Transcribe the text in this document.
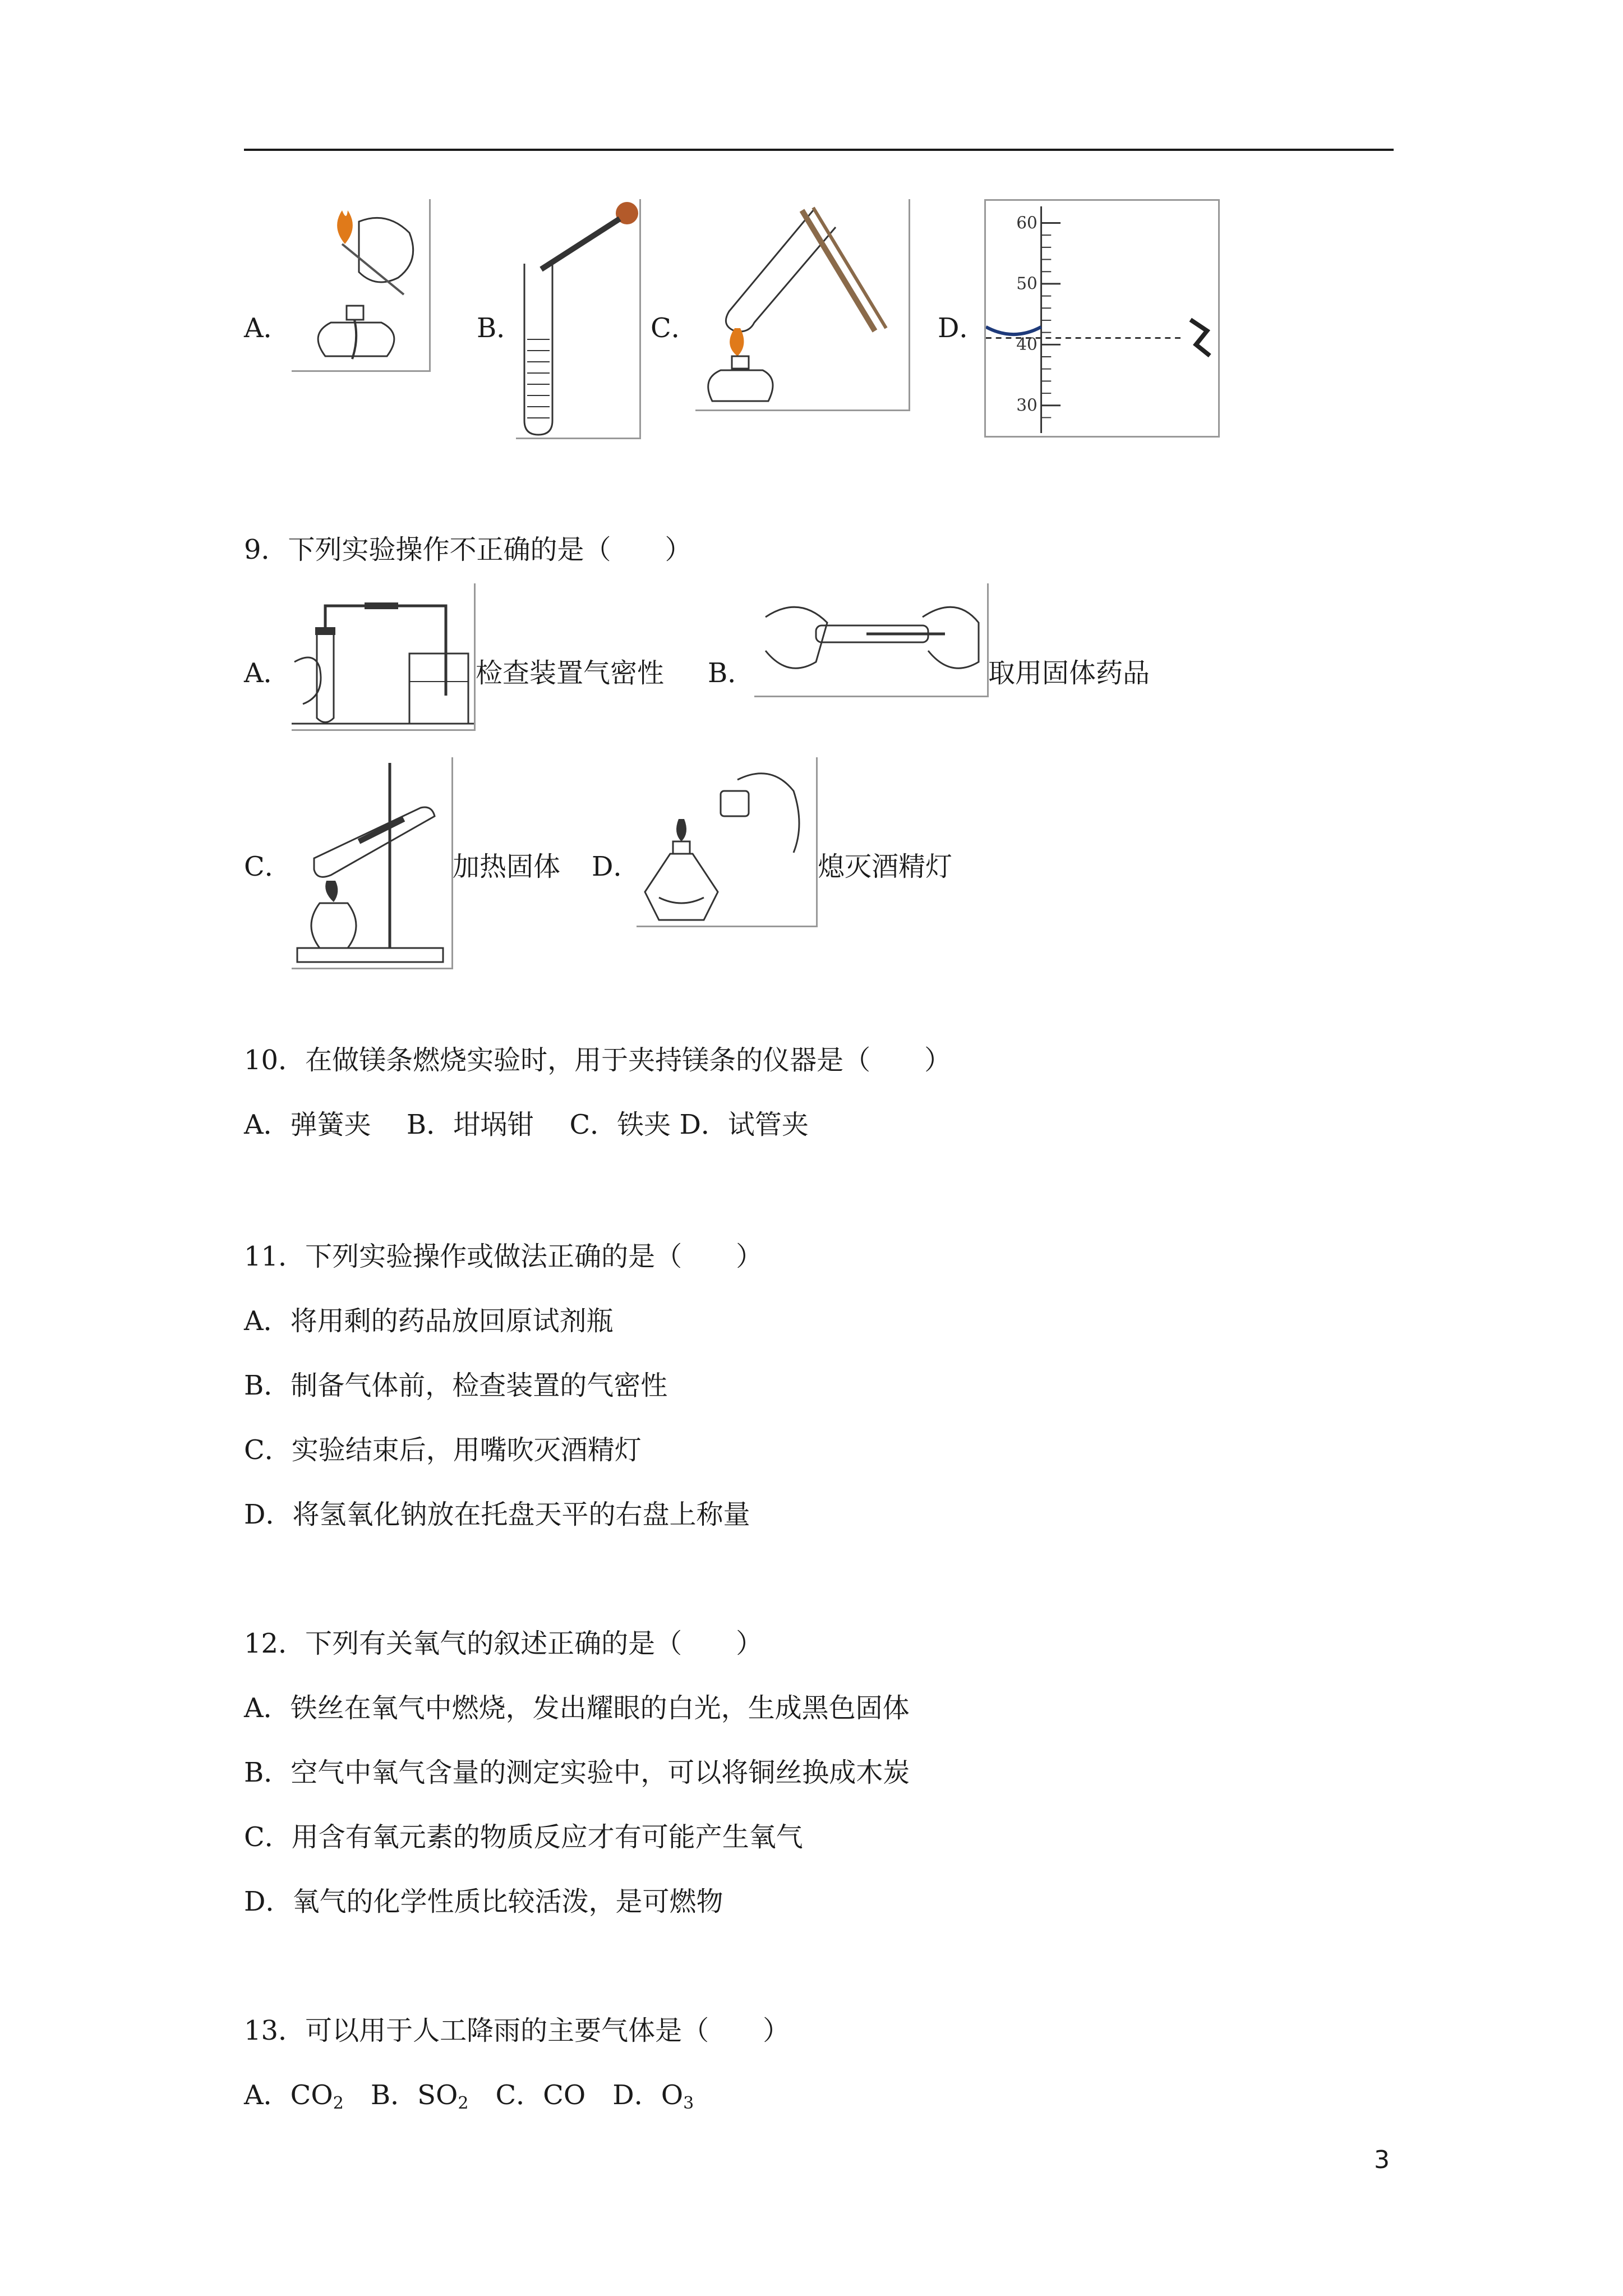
A．	B．	C．	D．
60
50
40
30
9．下列实验操作不正确的是（　　）
A．	检查装置气密性 B．	取用固体药品
C．	加热固体 D．	熄灭酒精灯
10．在做镁条燃烧实验时，用于夹持镁条的仪器是（　　）
A．弹簧夹　 B．坩埚钳　 C．铁夹 D．试管夹
11．下列实验操作或做法正确的是（　　）
A．将用剩的药品放回原试剂瓶
B．制备气体前，检查装置的气密性
C．实验结束后，用嘴吹灭酒精灯
D．将氢氧化钠放在托盘天平的右盘上称量
12．下列有关氧气的叙述正确的是（　　）
A．铁丝在氧气中燃烧，发出耀眼的白光，生成黑色固体
B．空气中氧气含量的测定实验中，可以将铜丝换成木炭
C．用含有氧元素的物质反应才有可能产生氧气
D．氧气的化学性质比较活泼，是可燃物
13．可以用于人工降雨的主要气体是（　　）
A．$CO_2$　B．$SO_2$　C．CO　D．$O_3$
3
